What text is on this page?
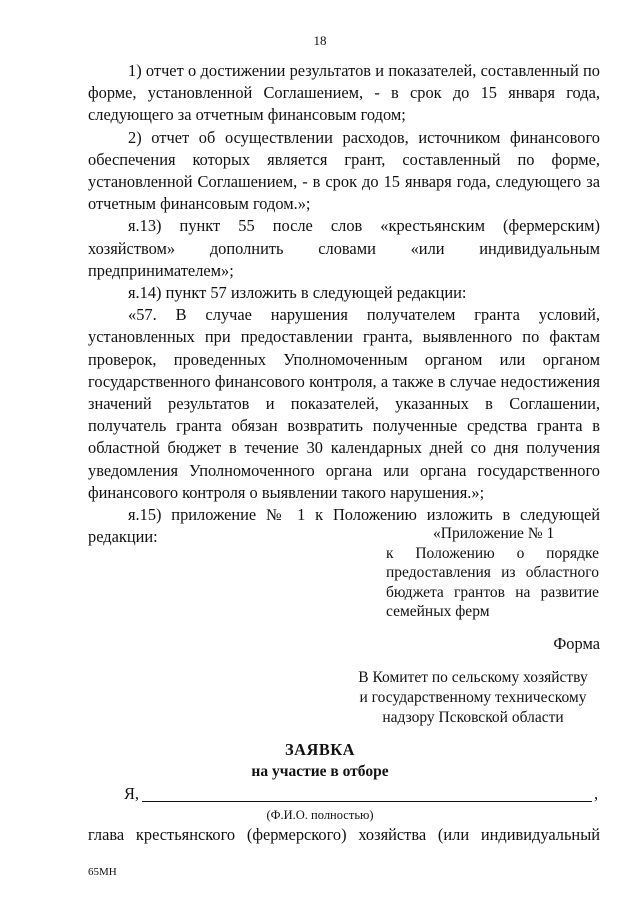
18

1) отчет о достижении результатов и показателей, составленный по форме, установленной Соглашением, - в срок до 15 января года, следующего за отчетным финансовым годом;

2) отчет об осуществлении расходов, источником финансового обеспечения которых является грант, составленный по форме, установленной Соглашением, - в срок до 15 января года, следующего за отчетным финансовым годом.»;

я.13) пункт 55 после слов «крестьянским (фермерским) хозяйством» дополнить словами «или индивидуальным предпринимателем»;

я.14) пункт 57 изложить в следующей редакции:

«57. В случае нарушения получателем гранта условий, установленных при предоставлении гранта, выявленного по фактам проверок, проведенных Уполномоченным органом или органом государственного финансового контроля, а также в случае недостижения значений результатов и показателей, указанных в Соглашении, получатель гранта обязан возвратить полученные средства гранта в областной бюджет в течение 30 календарных дней со дня получения уведомления Уполномоченного органа или органа государственного финансового контроля о выявлении такого нарушения.»;

я.15) приложение № 1 к Положению изложить в следующей редакции:	«Приложение № 1
к Положению о порядке
предоставления из областного
бюджета грантов на развитие
семейных ферм
Форма
В Комитет по сельскому хозяйству
и государственному техническому
надзору Псковской области
ЗАЯВКА
на участие в отборе
Я,	,
(Ф.И.О. полностью)
глава крестьянского (фермерского) хозяйства (или индивидуальный
65МН
